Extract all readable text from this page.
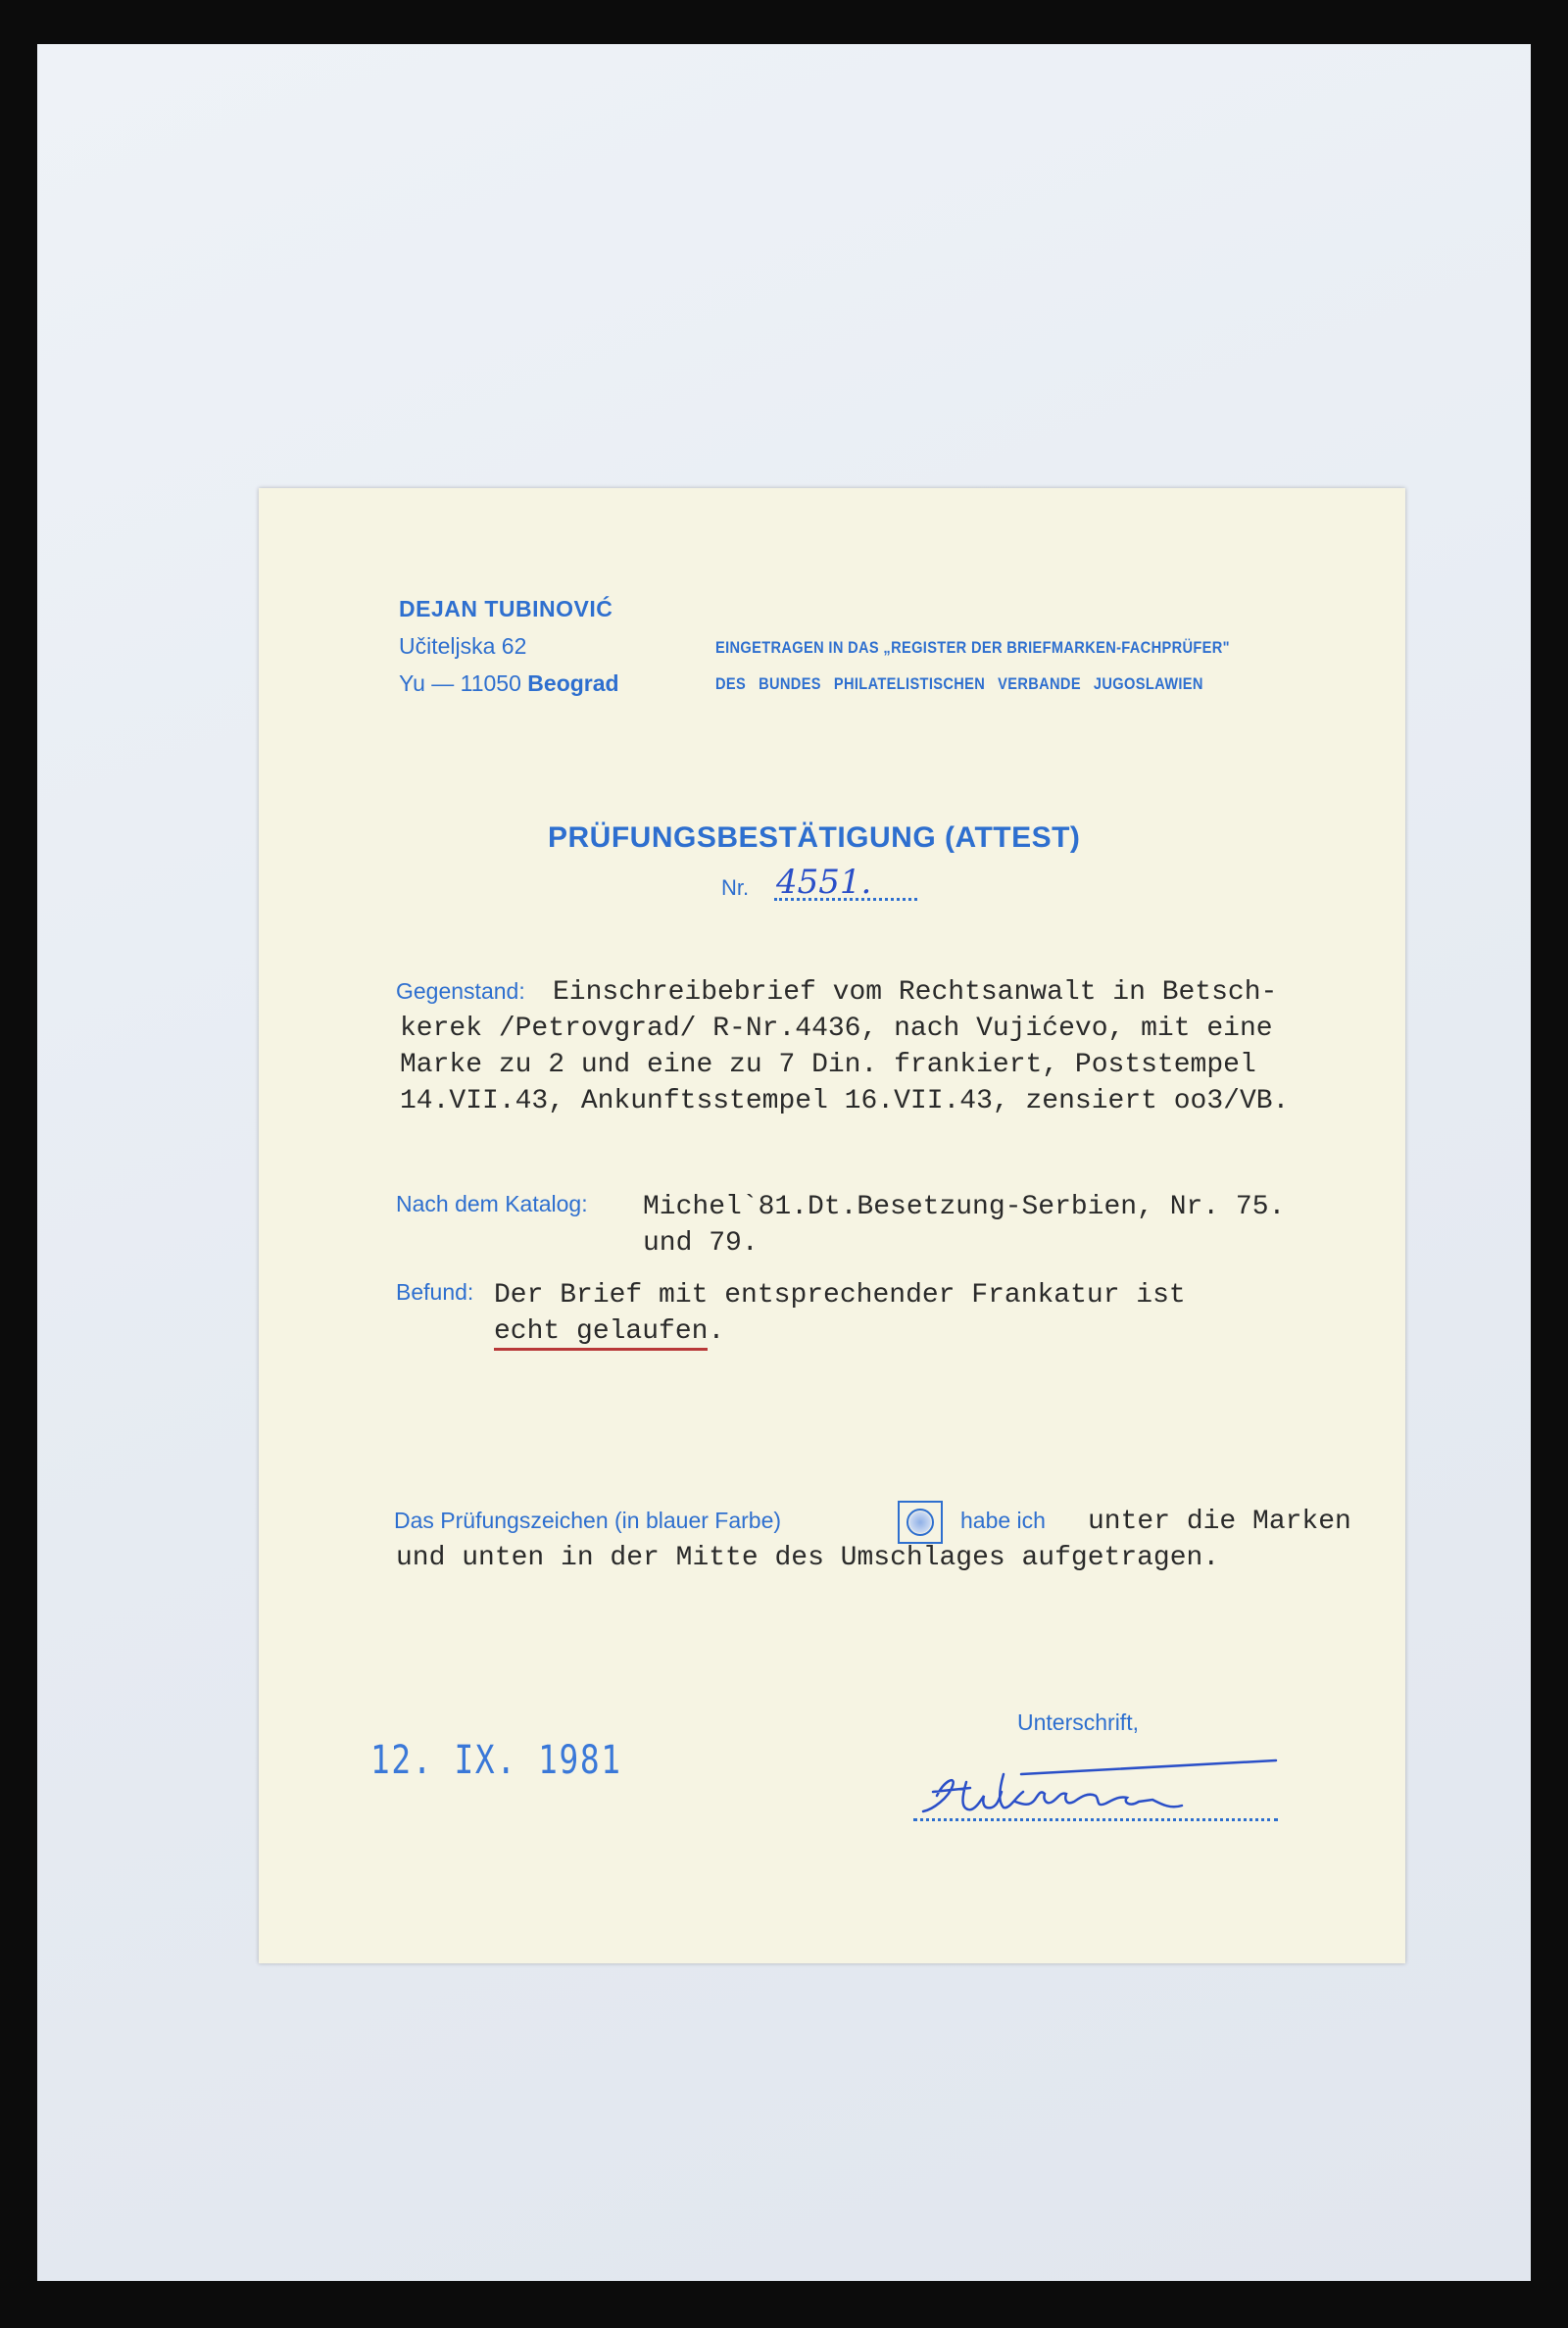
DEJAN TUBINOVIĆ
Učiteljska 62
Yu — 11050 Beograd
EINGETRAGEN IN DAS „REGISTER DER BRIEFMARKEN-FACHPRÜFER"
DES BUNDES PHILATELISTISCHEN VERBANDE JUGOSLAWIEN
PRÜFUNGSBESTÄTIGUNG (ATTEST)
Nr. 4551.
Gegenstand: Einschreibebrief vom Rechtsanwalt in Betsch-
kerek /Petrovgrad/ R-Nr.4436, nach Vujićevo, mit eine
Marke zu 2 und eine zu 7 Din. frankiert, Poststempel
14.VII.43, Ankunftsstempel 16.VII.43, zensiert oo3/VB.
Nach dem Katalog: Michel`81.Dt.Besetzung-Serbien, Nr. 75.
und 79.
Befund: Der Brief mit entsprechender Frankatur ist
echt gelaufen.
Das Prüfungszeichen (in blauer Farbe)	habe ich unter die Marken
und unten in der Mitte des Umschlages aufgetragen.
Unterschrift,
12. IX. 1981
